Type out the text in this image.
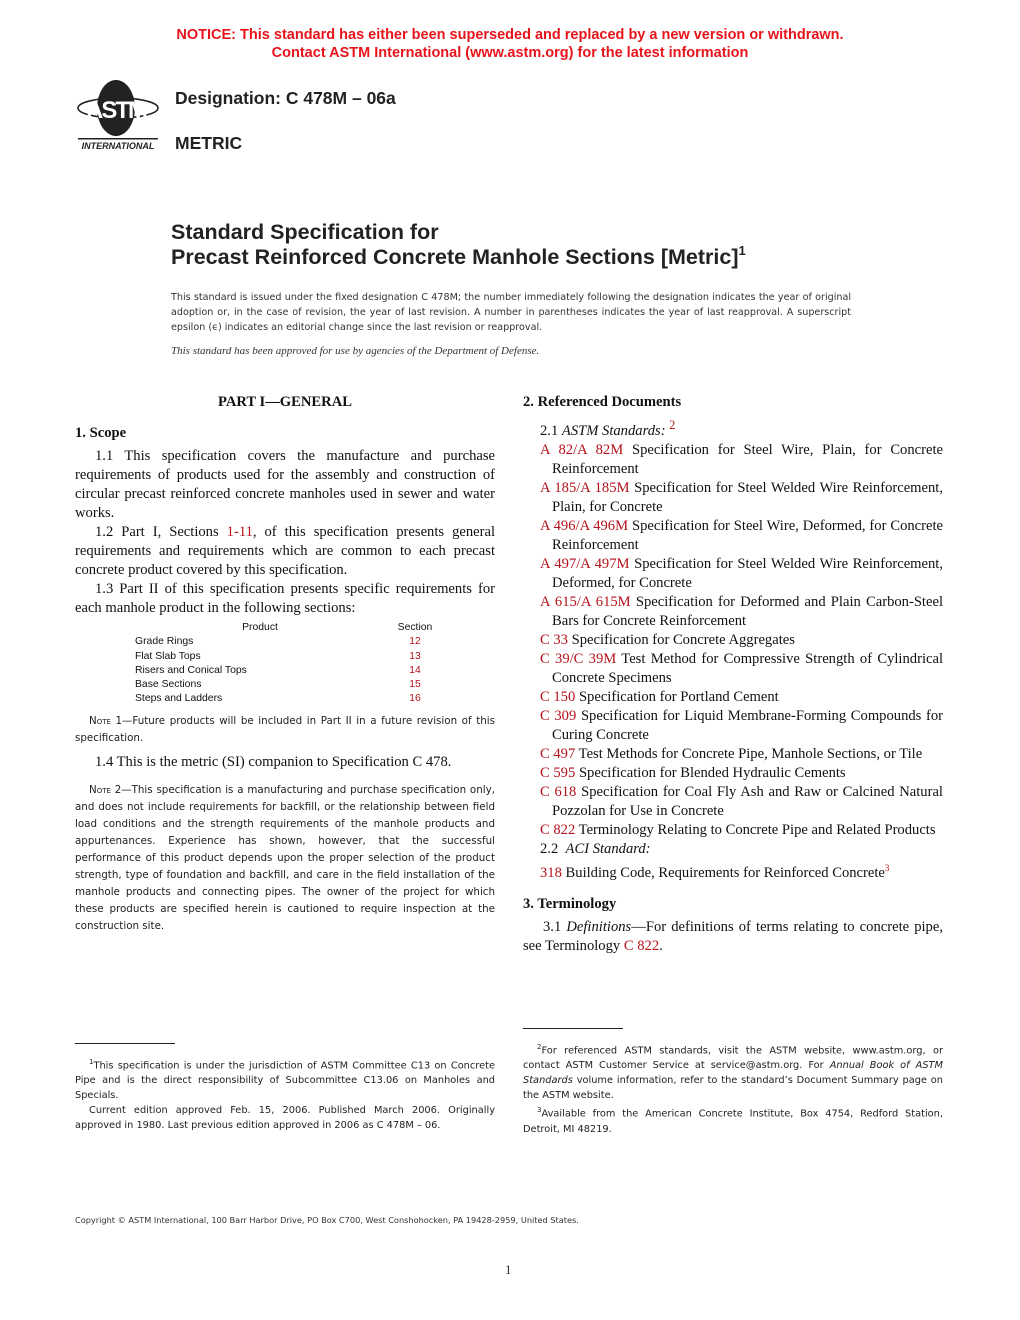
NOTICE: This standard has either been superseded and replaced by a new version or withdrawn.
Contact ASTM International (www.astm.org) for the latest information
ASTM
INTERNATIONAL
Designation: C 478M – 06a
METRIC
Standard Specification for
Precast Reinforced Concrete Manhole Sections [Metric]$^1$
This standard is issued under the fixed designation C 478M; the number immediately following the designation indicates the year of original adoption or, in the case of revision, the year of last revision. A number in parentheses indicates the year of last reapproval. A superscript epsilon (ϵ) indicates an editorial change since the last revision or reapproval.
This standard has been approved for use by agencies of the Department of Defense.
PART I—GENERAL
1. Scope

1.1 This specification covers the manufacture and purchase requirements of products used for the assembly and construction of circular precast reinforced concrete manholes used in sewer and water works.

1.2 Part I, Sections 1-11, of this specification presents general requirements and requirements which are common to each precast concrete product covered by this specification.

1.3 Part II of this specification presents specific requirements for each manhole product in the following sections:

Product	Section
Grade Rings	12
Flat Slab Tops	13
Risers and Conical Tops	14
Base Sections	15
Steps and Ladders	16

Note 1—Future products will be included in Part II in a future revision of this specification.

1.4 This is the metric (SI) companion to Specification C 478.

Note 2—This specification is a manufacturing and purchase specification only, and does not include requirements for backfill, or the relationship between field load conditions and the strength requirements of the manhole products and appurtenances. Experience has shown, however, that the successful performance of this product depends upon the proper selection of the product strength, type of foundation and backfill, and care in the field installation of the manhole products and connecting pipes. The owner of the project for which these products are specified herein is cautioned to require inspection at the construction site.

2. Referenced Documents

2.1 ASTM Standards: $^2$

A 82/A 82M Specification for Steel Wire, Plain, for Concrete Reinforcement
A 185/A 185M Specification for Steel Welded Wire Reinforcement, Plain, for Concrete
A 496/A 496M Specification for Steel Wire, Deformed, for Concrete Reinforcement
A 497/A 497M Specification for Steel Welded Wire Reinforcement, Deformed, for Concrete
A 615/A 615M Specification for Deformed and Plain Carbon-Steel Bars for Concrete Reinforcement
C 33 Specification for Concrete Aggregates
C 39/C 39M Test Method for Compressive Strength of Cylindrical Concrete Specimens
C 150 Specification for Portland Cement
C 309 Specification for Liquid Membrane-Forming Compounds for Curing Concrete
C 497 Test Methods for Concrete Pipe, Manhole Sections, or Tile
C 595 Specification for Blended Hydraulic Cements
C 618 Specification for Coal Fly Ash and Raw or Calcined Natural Pozzolan for Use in Concrete
C 822 Terminology Relating to Concrete Pipe and Related Products

2.2 ACI Standard:

318 Building Code, Requirements for Reinforced Concrete$^3$
3. Terminology

3.1 Definitions—For definitions of terms relating to concrete pipe, see Terminology C 822.

$^1$This specification is under the jurisdiction of ASTM Committee C13 on Concrete Pipe and is the direct responsibility of Subcommittee C13.06 on Manholes and Specials.

Current edition approved Feb. 15, 2006. Published March 2006. Originally approved in 1980. Last previous edition approved in 2006 as C 478M – 06.

$^2$For referenced ASTM standards, visit the ASTM website, www.astm.org, or contact ASTM Customer Service at service@astm.org. For Annual Book of ASTM Standards volume information, refer to the standard’s Document Summary page on the ASTM website.

$^3$Available from the American Concrete Institute, Box 4754, Redford Station, Detroit, MI 48219.

Copyright © ASTM International, 100 Barr Harbor Drive, PO Box C700, West Conshohocken, PA 19428-2959, United States.
1
